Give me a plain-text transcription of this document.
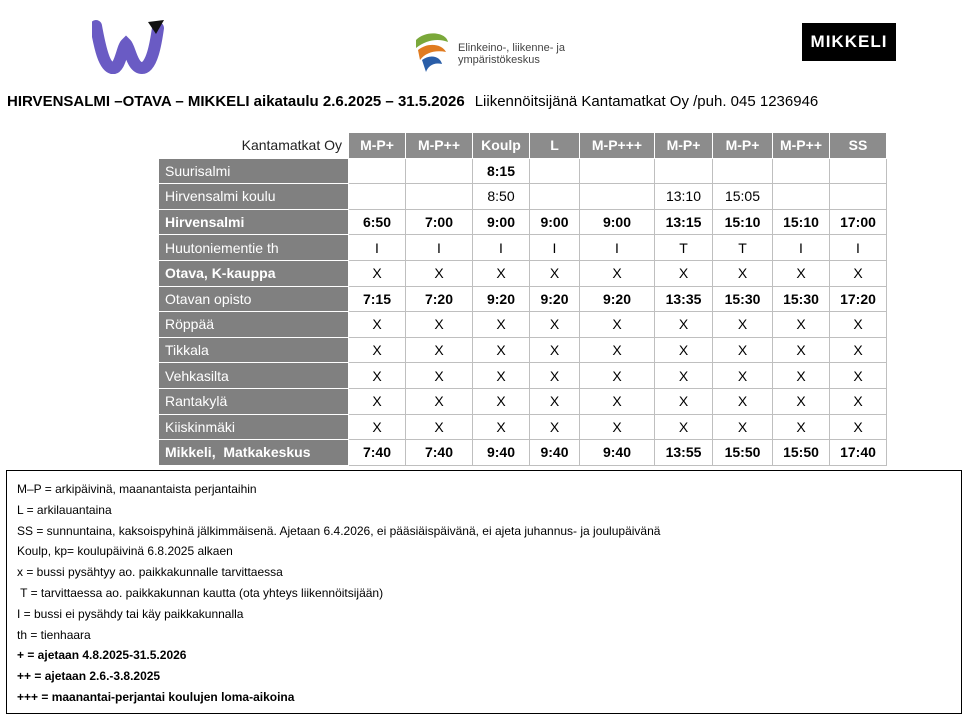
Elinkeino-, liikenne- ja
ympäristökeskus
MIKKELI
HIRVENSALMI –OTAVA – MIKKELI aikataulu 2.6.2025 – 31.5.2026 Liikennöitsijänä Kantamatkat Oy /puh. 045 1236946
Kantamatkat Oy	M-P+	M-P++	Koulp	L	M-P+++	M-P+	M-P+	M-P++	SS
Suurisalmi			8:15						
Hirvensalmi koulu			8:50			13:10	15:05		
Hirvensalmi	6:50	7:00	9:00	9:00	9:00	13:15	15:10	15:10	17:00
Huutoniementie th	I	I	I	I	I	T	T	I	I
Otava, K-kauppa	X	X	X	X	X	X	X	X	X
Otavan opisto	7:15	7:20	9:20	9:20	9:20	13:35	15:30	15:30	17:20
Röppää	X	X	X	X	X	X	X	X	X
Tikkala	X	X	X	X	X	X	X	X	X
Vehkasilta	X	X	X	X	X	X	X	X	X
Rantakylä	X	X	X	X	X	X	X	X	X
Kiiskinmäki	X	X	X	X	X	X	X	X	X
Mikkeli,  Matkakeskus	7:40	7:40	9:40	9:40	9:40	13:55	15:50	15:50	17:40
M–P = arkipäivinä, maanantaista perjantaihin
L = arkilauantaina
SS = sunnuntaina, kaksoispyhinä jälkimmäisenä. Ajetaan 6.4.2026, ei pääsiäispäivänä, ei ajeta juhannus- ja joulupäivänä
Koulp, kp= koulupäivinä 6.8.2025 alkaen
x = bussi pysähtyy ao. paikkakunnalle tarvittaessa
T = tarvittaessa ao. paikkakunnan kautta (ota yhteys liikennöitsijään)
I = bussi ei pysähdy tai käy paikkakunnalla
th = tienhaara
+ = ajetaan 4.8.2025-31.5.2026
++ = ajetaan 2.6.-3.8.2025
+++ = maanantai-perjantai koulujen loma-aikoina
